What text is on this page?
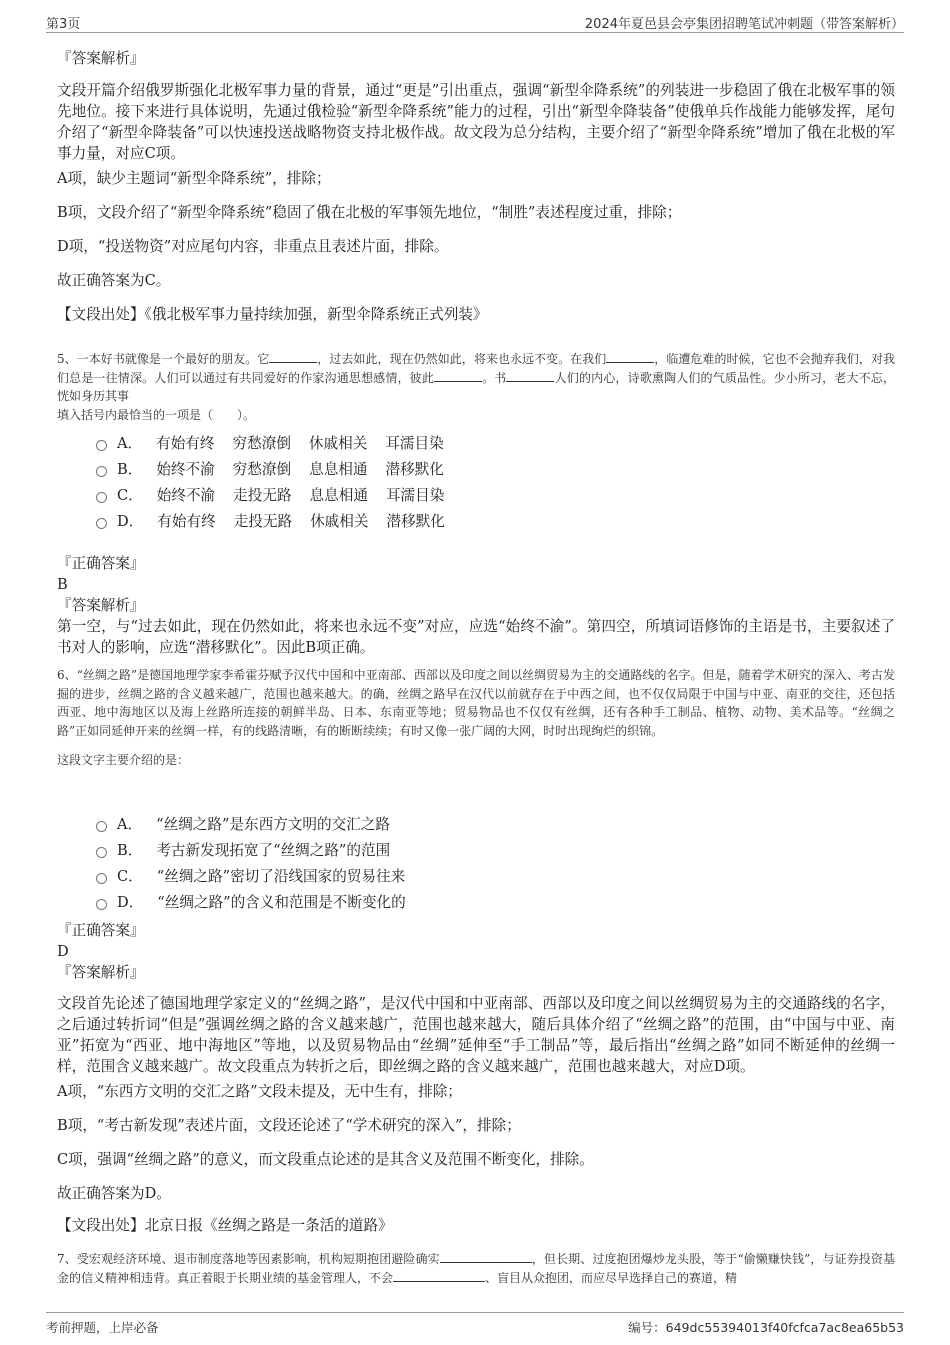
第3页	2024年夏邑县会亭集团招聘笔试冲刺题（带答案解析）

『答案解析』

文段开篇介绍俄罗斯强化北极军事力量的背景，通过“更是”引出重点，强调“新型伞降系统”的列装进一步稳固了俄在北极军事的领先地位。接下来进行具体说明，先通过俄检验“新型伞降系统”能力的过程，引出“新型伞降装备”使俄单兵作战能力能够发挥，尾句介绍了“新型伞降装备”可以快速投送战略物资支持北极作战。故文段为总分结构，主要介绍了“新型伞降系统”增加了俄在北极的军事力量，对应C项。

A项，缺少主题词“新型伞降系统”，排除；

B项，文段介绍了“新型伞降系统”稳固了俄在北极的军事领先地位，“制胜”表述程度过重，排除；

D项，“投送物资”对应尾句内容，非重点且表述片面，排除。

故正确答案为C。

【文段出处】《俄北极军事力量持续加强，新型伞降系统正式列装》

5、一本好书就像是一个最好的朋友。它	，过去如此，现在仍然如此，将来也永远不变。在我们	，临遭危难的时候，它也不会抛弃我们，对我们总是一往情深。人们可以通过有共同爱好的作家沟通思想感情，彼此	。书	人们的内心，诗歌熏陶人们的气质品性。少小所习，老大不忘，恍如身历其事

填入括号内最恰当的一项是（　　）。

A． 有始有终 穷愁潦倒 休戚相关 耳濡目染
B． 始终不渝 穷愁潦倒 息息相通 潜移默化
C． 始终不渝 走投无路 息息相通 耳濡目染
D． 有始有终 走投无路 休戚相关 潜移默化

『正确答案』

B

『答案解析』

第一空，与“过去如此，现在仍然如此，将来也永远不变”对应，应选“始终不渝”。第四空，所填词语修饰的主语是书，主要叙述了书对人的影响，应选“潜移默化”。因此B项正确。

6、“丝绸之路”是德国地理学家李希霍芬赋予汉代中国和中亚南部、西部以及印度之间以丝绸贸易为主的交通路线的名字。但是，随着学术研究的深入、考古发掘的进步，丝绸之路的含义越来越广，范围也越来越大。的确，丝绸之路早在汉代以前就存在于中西之间，也不仅仅局限于中国与中亚、南亚的交往，还包括西亚、地中海地区以及海上丝路所连接的朝鲜半岛、日本、东南亚等地；贸易物品也不仅仅有丝绸，还有各种手工制品、植物、动物、美术品等。“丝绸之路”正如同延伸开来的丝绸一样，有的线路清晰，有的断断续续；有时又像一张广阔的大网，时时出现绚烂的织锦。

这段文字主要介绍的是：

A． “丝绸之路”是东西方文明的交汇之路
B． 考古新发现拓宽了“丝绸之路”的范围
C． “丝绸之路”密切了沿线国家的贸易往来
D． “丝绸之路”的含义和范围是不断变化的

『正确答案』

D

『答案解析』

文段首先论述了德国地理学家定义的“丝绸之路”，是汉代中国和中亚南部、西部以及印度之间以丝绸贸易为主的交通路线的名字，之后通过转折词“但是”强调丝绸之路的含义越来越广，范围也越来越大，随后具体介绍了“丝绸之路”的范围，由“中国与中亚、南亚”拓宽为“西亚、地中海地区”等地，以及贸易物品由“丝绸”延伸至“手工制品”等，最后指出“丝绸之路”如同不断延伸的丝绸一样，范围含义越来越广。故文段重点为转折之后，即丝绸之路的含义越来越广，范围也越来越大，对应D项。

A项，“东西方文明的交汇之路”文段未提及，无中生有，排除；

B项，“考古新发现”表述片面，文段还论述了“学术研究的深入”，排除；

C项，强调“丝绸之路”的意义，而文段重点论述的是其含义及范围不断变化，排除。

故正确答案为D。

【文段出处】北京日报《丝绸之路是一条活的道路》

7、受宏观经济环境、退市制度落地等因素影响，机构短期抱团避险确实	，但长期、过度抱团爆炒龙头股，等于“偷懒赚快钱”，与证券投资基金的信义精神相违背。真正着眼于长期业绩的基金管理人，不会	、盲目从众抱团，而应尽早选择自己的赛道，精

考前押题，上岸必备	编号：649dc55394013f40fcfca7ac8ea65b53
